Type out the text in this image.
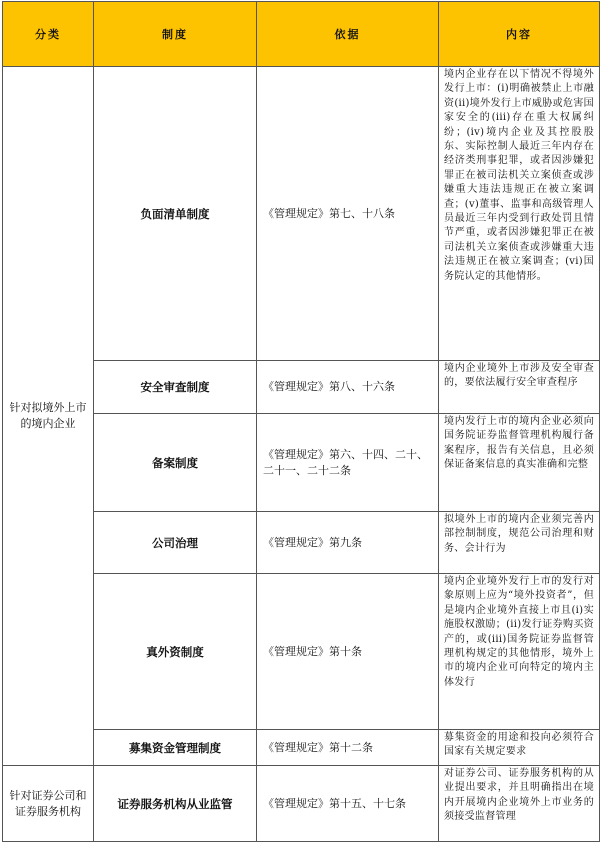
分类	制度	依据	内容
针对拟境外上市的境内企业	负面清单制度	《管理规定》第七、十八条	境内企业存在以下情况不得境外发行上市：(i)明确被禁止上市融资(ii)境外发行上市威胁或危害国家安全的(iii)存在重大权属纠纷；(iv)境内企业及其控股股东、实际控制人最近三年内存在经济类刑事犯罪，或者因涉嫌犯罪正在被司法机关立案侦查或涉嫌重大违法违规正在被立案调查；(v)董事、监事和高级管理人员最近三年内受到行政处罚且情节严重，或者因涉嫌犯罪正在被司法机关立案侦查或涉嫌重大违法违规正在被立案调查；(vi)国务院认定的其他情形。
	安全审查制度	《管理规定》第八、十六条	境内企业境外上市涉及安全审查的，要依法履行安全审查程序
	备案制度	《管理规定》第六、十四、二十、二十一、二十二条	境内发行上市的境内企业必须向国务院证券监督管理机构履行备案程序，报告有关信息，且必须保证备案信息的真实准确和完整
	公司治理	《管理规定》第九条	拟境外上市的境内企业须完善内部控制制度，规范公司治理和财务、会计行为
	真外资制度	《管理规定》第十条	境内企业境外发行上市的发行对象原则上应为“境外投资者”，但是境内企业境外直接上市且(i)实施股权激励；(ii)发行证券购买资产的，或(iii)国务院证券监督管理机构规定的其他情形，境外上市的境内企业可向特定的境内主体发行
	募集资金管理制度	《管理规定》第十二条	募集资金的用途和投向必须符合国家有关规定要求
针对证券公司和证券服务机构	证券服务机构从业监管	《管理规定》第十五、十七条	对证券公司、证券服务机构的从业提出要求，并且明确指出在境内开展境内企业境外上市业务的须接受监督管理
